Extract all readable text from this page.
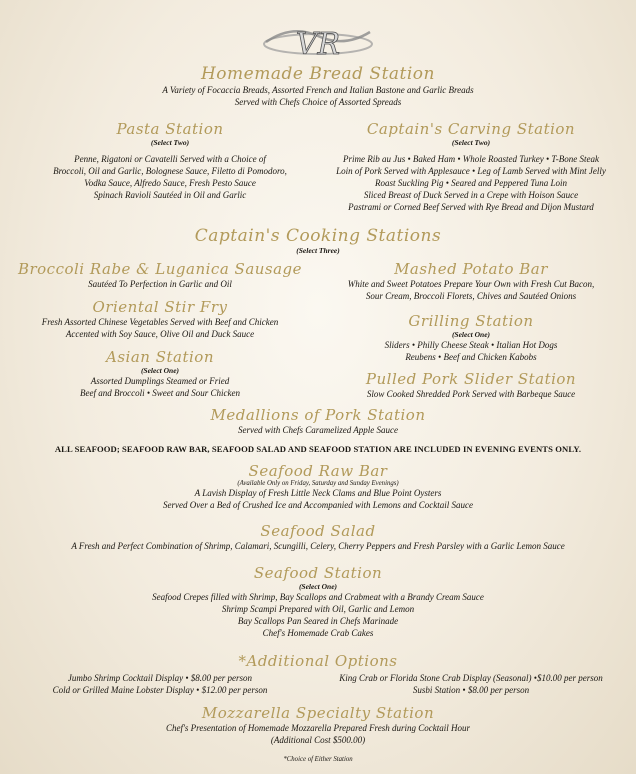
VR
Homemade Bread Station
A Variety of Focaccia Breads, Assorted French and Italian Bastone and Garlic Breads
Served with Chefs Choice of Assorted Spreads
Pasta Station
(Select Two)
Penne, Rigatoni or Cavatelli Served with a Choice of
Broccoli, Oil and Garlic, Bolognese Sauce, Filetto di Pomodoro,
Vodka Sauce, Alfredo Sauce, Fresh Pesto Sauce
Spinach Ravioli Sautéed in Oil and Garlic
Captain's Carving Station
(Select Two)
Prime Rib au Jus • Baked Ham • Whole Roasted Turkey • T-Bone Steak
Loin of Pork Served with Applesauce • Leg of Lamb Served with Mint Jelly
Roast Suckling Pig • Seared and Peppered Tuna Loin
Sliced Breast of Duck Served in a Crepe with Hoison Sauce
Pastrami or Corned Beef Served with Rye Bread and Dijon Mustard
Captain's Cooking Stations
(Select Three)
Broccoli Rabe & Luganica Sausage
Sautéed To Perfection in Garlic and Oil
Mashed Potato Bar
White and Sweet Potatoes Prepare Your Own with Fresh Cut Bacon,
Sour Cream, Broccoli Florets, Chives and Sautéed Onions
Oriental Stir Fry
Fresh Assorted Chinese Vegetables Served with Beef and Chicken
Accented with Soy Sauce, Olive Oil and Duck Sauce
Grilling Station
(Select One)
Sliders • Philly Cheese Steak • Italian Hot Dogs
Reubens • Beef and Chicken Kabobs
Asian Station
(Select One)
Assorted Dumplings Steamed or Fried
Beef and Broccoli • Sweet and Sour Chicken
Pulled Pork Slider Station
Slow Cooked Shredded Pork Served with Barbeque Sauce
Medallions of Pork Station
Served with Chefs Caramelized Apple Sauce
ALL SEAFOOD; SEAFOOD RAW BAR, SEAFOOD SALAD AND SEAFOOD STATION ARE INCLUDED IN EVENING EVENTS ONLY.
Seafood Raw Bar
(Available Only on Friday, Saturday and Sunday Evenings)
A Lavish Display of Fresh Little Neck Clams and Blue Point Oysters
Served Over a Bed of Crushed Ice and Accompanied with Lemons and Cocktail Sauce
Seafood Salad
A Fresh and Perfect Combination of Shrimp, Calamari, Scungilli, Celery, Cherry Peppers and Fresh Parsley with a Garlic Lemon Sauce
Seafood Station
(Select One)
Seafood Crepes filled with Shrimp, Bay Scallops and Crabmeat with a Brandy Cream Sauce
Shrimp Scampi Prepared with Oil, Garlic and Lemon
Bay Scallops Pan Seared in Chefs Marinade
Chef's Homemade Crab Cakes
*Additional Options
Jumbo Shrimp Cocktail Display • $8.00 per person
Cold or Grilled Maine Lobster Display • $12.00 per person
King Crab or Florida Stone Crab Display (Seasonal) •$10.00 per person
Susbi Station • $8.00 per person
Mozzarella Specialty Station
Chef's Presentation of Homemade Mozzarella Prepared Fresh during Cocktail Hour
(Additional Cost $500.00)
*Choice of Either Station
